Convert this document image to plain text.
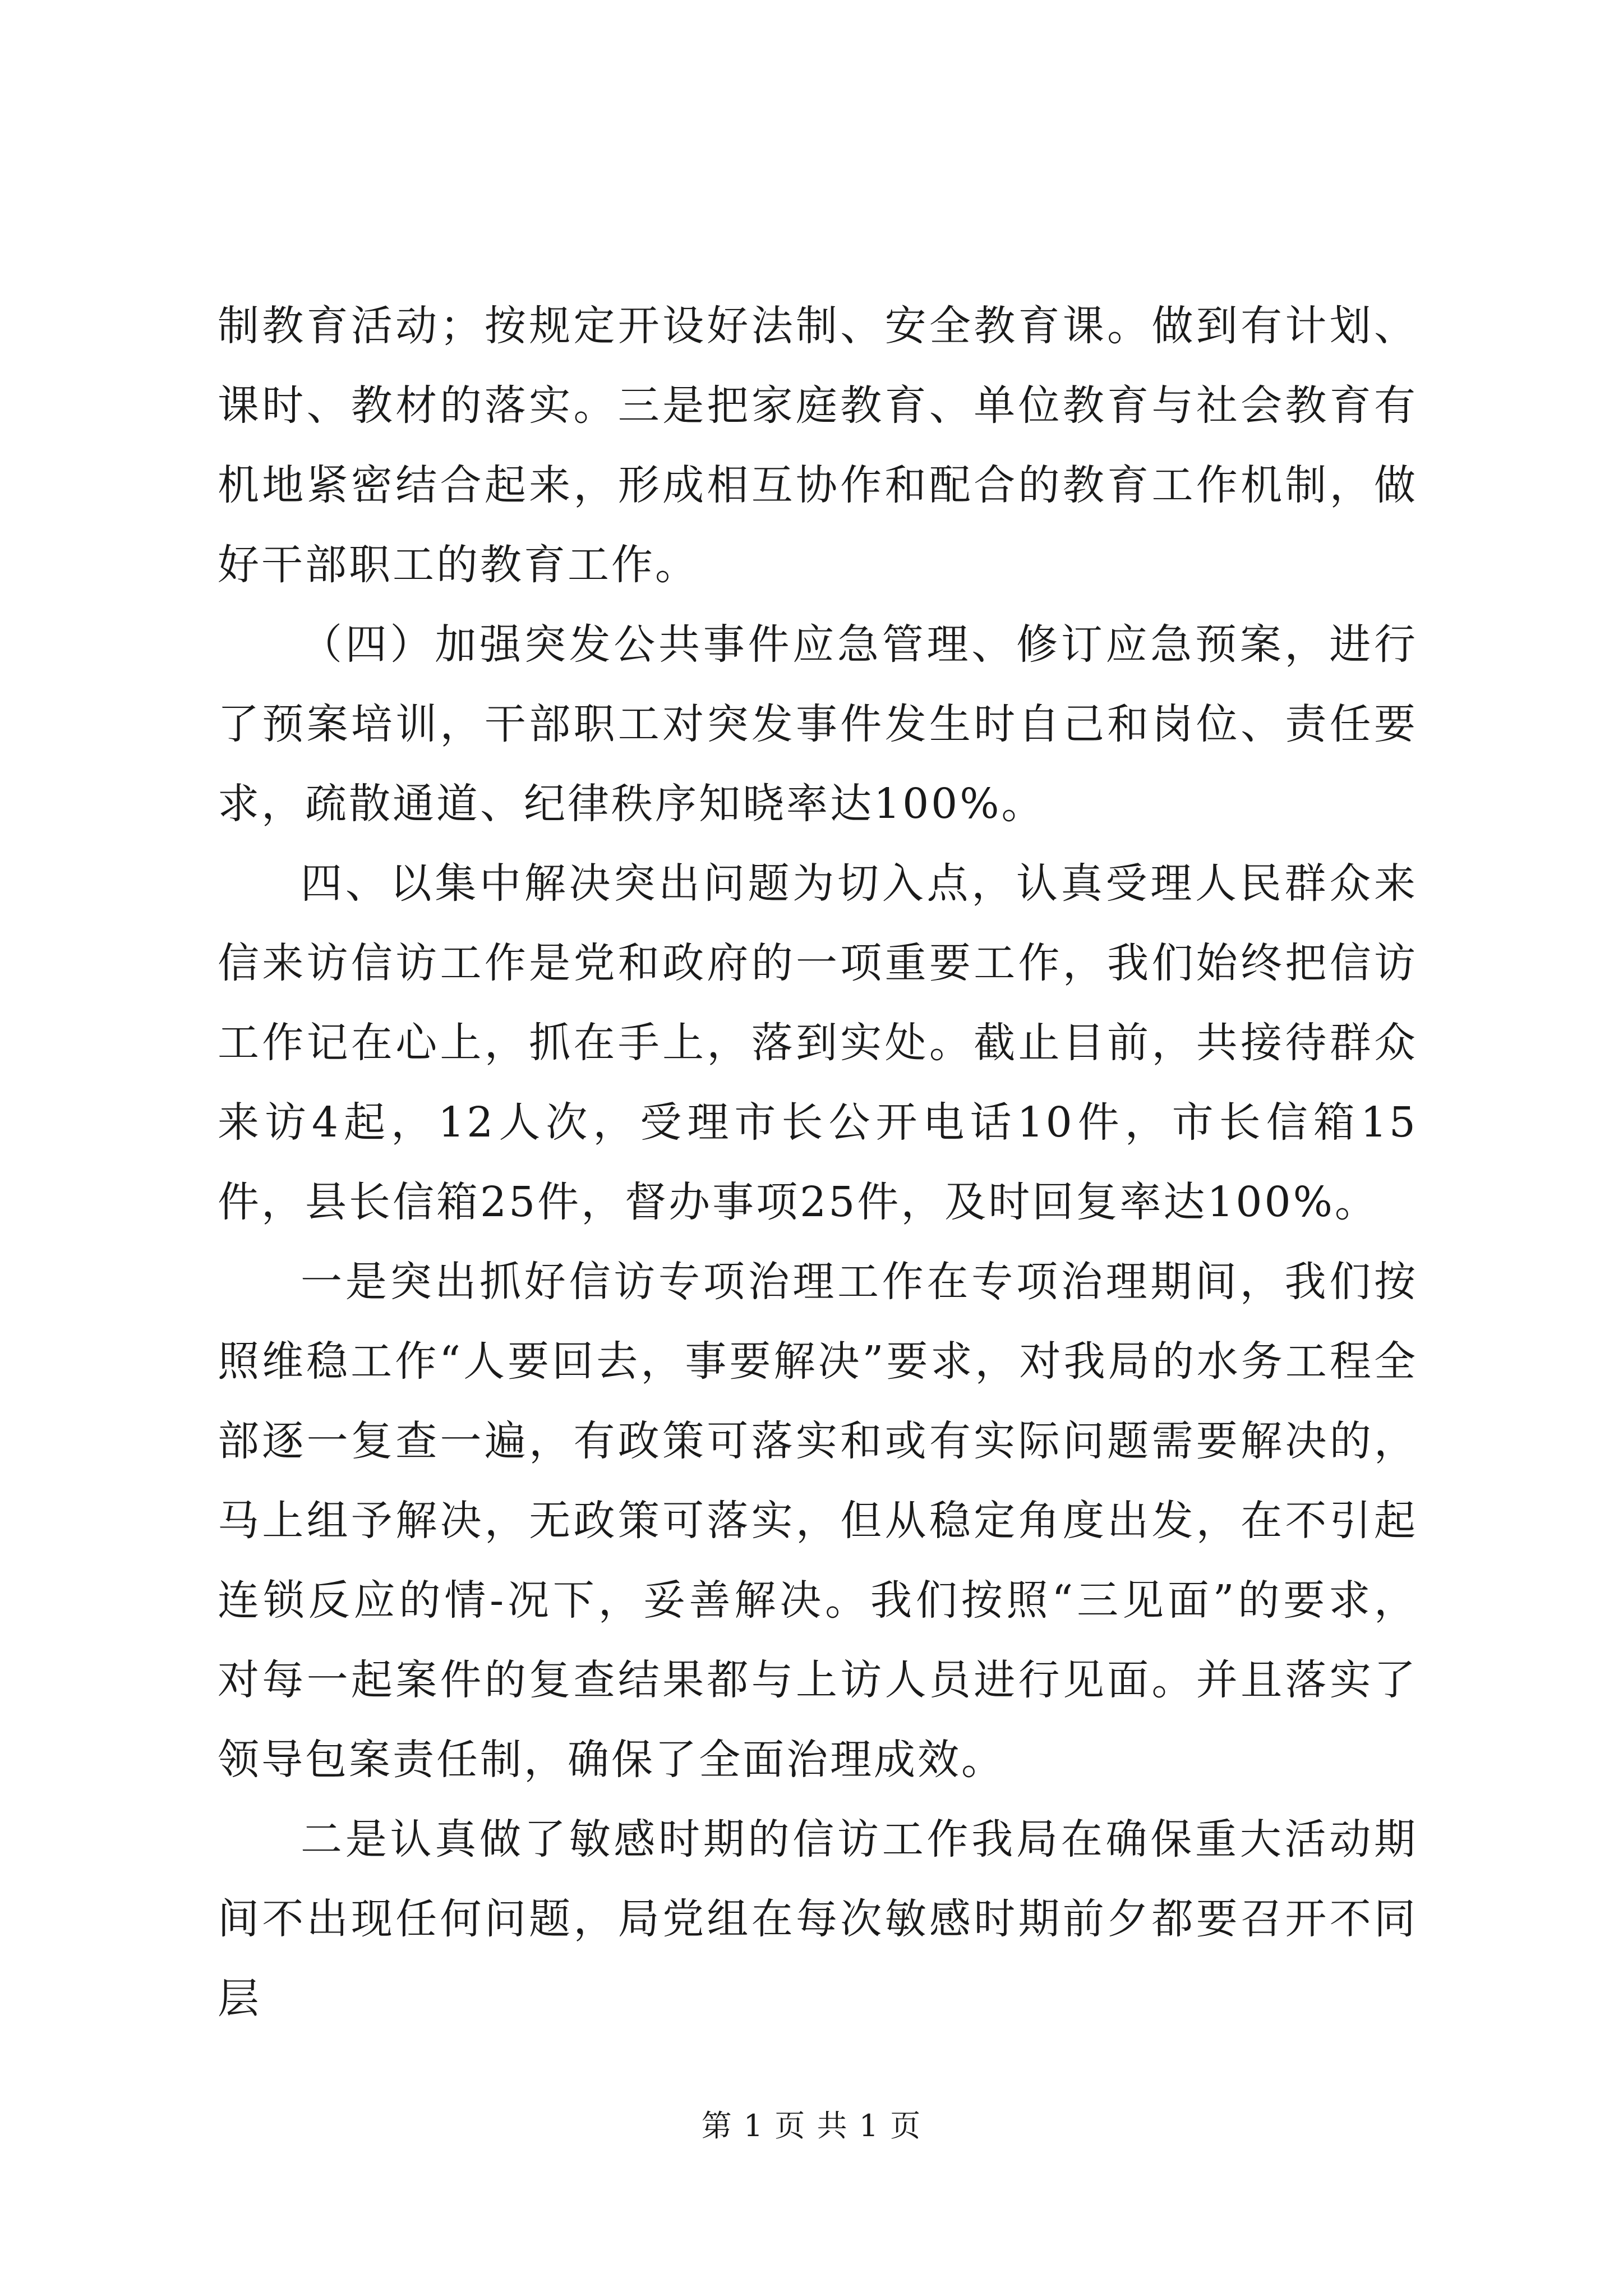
制教育活动；按规定开设好法制、安全教育课。做到有计划、课时、教材的落实。三是把家庭教育、单位教育与社会教育有机地紧密结合起来，形成相互协作和配合的教育工作机制，做好干部职工的教育工作。

（四）加强突发公共事件应急管理、修订应急预案，进行了预案培训，干部职工对突发事件发生时自己和岗位、责任要求，疏散通道、纪律秩序知晓率达100%。

四、以集中解决突出问题为切入点，认真受理人民群众来信来访信访工作是党和政府的一项重要工作，我们始终把信访工作记在心上，抓在手上，落到实处。截止目前，共接待群众来访4起，12人次，受理市长公开电话10件，市长信箱15件，县长信箱25件，督办事项25件，及时回复率达100%。

一是突出抓好信访专项治理工作在专项治理期间，我们按照维稳工作“人要回去，事要解决”要求，对我局的水务工程全部逐一复查一遍，有政策可落实和或有实际问题需要解决的，马上组予解决，无政策可落实，但从稳定角度出发，在不引起连锁反应的情-况下，妥善解决。我们按照“三见面”的要求，对每一起案件的复查结果都与上访人员进行见面。并且落实了领导包案责任制，确保了全面治理成效。

二是认真做了敏感时期的信访工作我局在确保重大活动期间不出现任何问题，局党组在每次敏感时期前夕都要召开不同层

第 1 页 共 1 页
